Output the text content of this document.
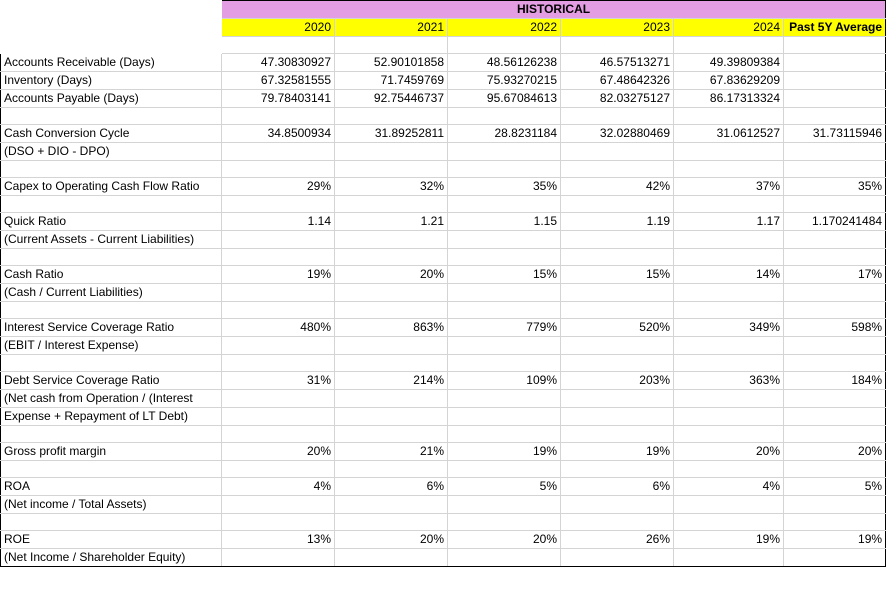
	HISTORICAL					
	2020	2021	2022	2023	2024	Past 5Y Average

Accounts Receivable (Days)	47.30830927	52.90101858	48.56126238	46.57513271	49.39809384	
Inventory (Days)	67.32581555	71.7459769	75.93270215	67.48642326	67.83629209	
Accounts Payable (Days)	79.78403141	92.75446737	95.67084613	82.03275127	86.17313324	

Cash Conversion Cycle	34.8500934	31.89252811	28.8231184	32.02880469	31.0612527	31.73115946
(DSO + DIO - DPO)						

Capex to Operating Cash Flow Ratio	29%	32%	35%	42%	37%	35%

Quick Ratio	1.14	1.21	1.15	1.19	1.17	1.170241484
(Current Assets - Current Liabilities)						

Cash Ratio	19%	20%	15%	15%	14%	17%
(Cash / Current Liabilities)						

Interest Service Coverage Ratio	480%	863%	779%	520%	349%	598%
(EBIT / Interest Expense)						

Debt Service Coverage Ratio	31%	214%	109%	203%	363%	184%
(Net cash from Operation / (Interest						
Expense + Repayment of LT Debt)						

Gross profit margin	20%	21%	19%	19%	20%	20%

ROA	4%	6%	5%	6%	4%	5%
(Net income / Total Assets)						

ROE	13%	20%	20%	26%	19%	19%
(Net Income / Shareholder Equity)						
